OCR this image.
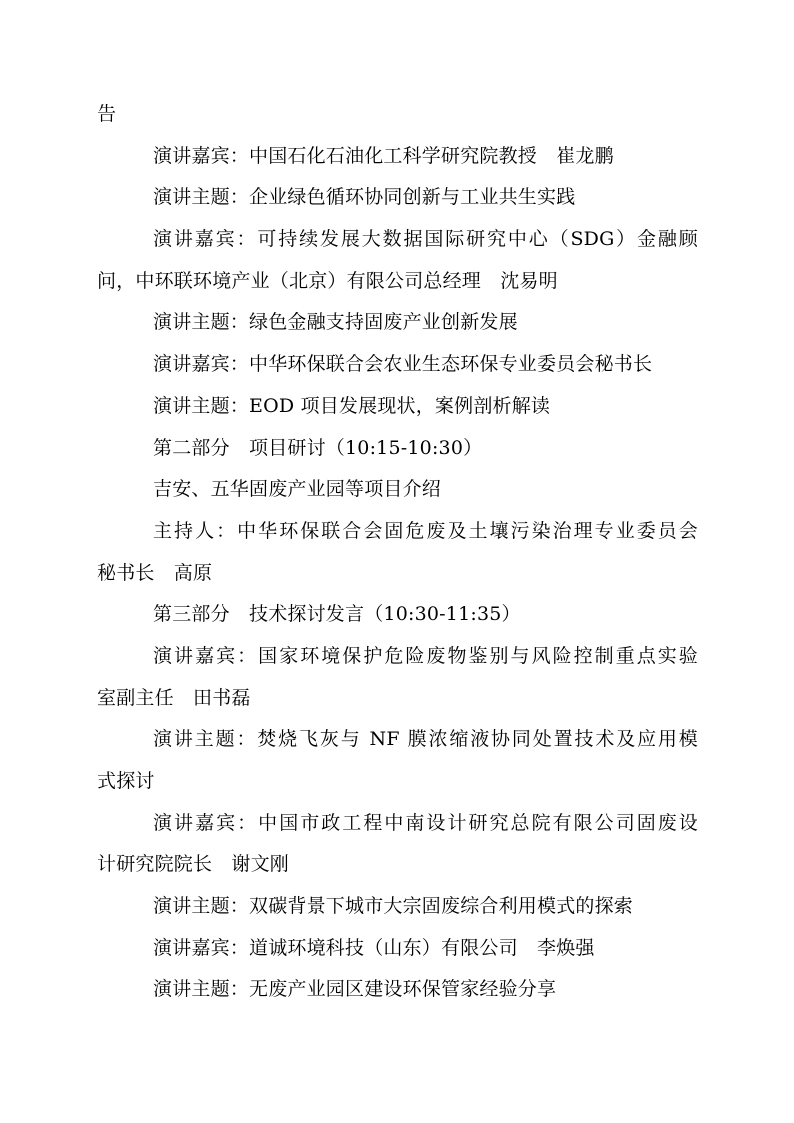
告
演讲嘉宾：中国石化石油化工科学研究院教授　崔龙鹏
演讲主题：企业绿色循环协同创新与工业共生实践
演讲嘉宾：可持续发展大数据国际研究中心（SDG）金融顾
问，中环联环境产业（北京）有限公司总经理　沈易明
演讲主题：绿色金融支持固废产业创新发展
演讲嘉宾：中华环保联合会农业生态环保专业委员会秘书长
演讲主题：EOD 项目发展现状，案例剖析解读
第二部分　项目研讨（10:15-10:30）
吉安、五华固废产业园等项目介绍
主持人：中华环保联合会固危废及土壤污染治理专业委员会
秘书长　高原
第三部分　技术探讨发言（10:30-11:35）
演讲嘉宾：国家环境保护危险废物鉴别与风险控制重点实验
室副主任　田书磊
演讲主题：焚烧飞灰与 NF 膜浓缩液协同处置技术及应用模
式探讨
演讲嘉宾：中国市政工程中南设计研究总院有限公司固废设
计研究院院长　谢文刚
演讲主题：双碳背景下城市大宗固废综合利用模式的探索
演讲嘉宾：道诚环境科技（山东）有限公司　李焕强
演讲主题：无废产业园区建设环保管家经验分享
